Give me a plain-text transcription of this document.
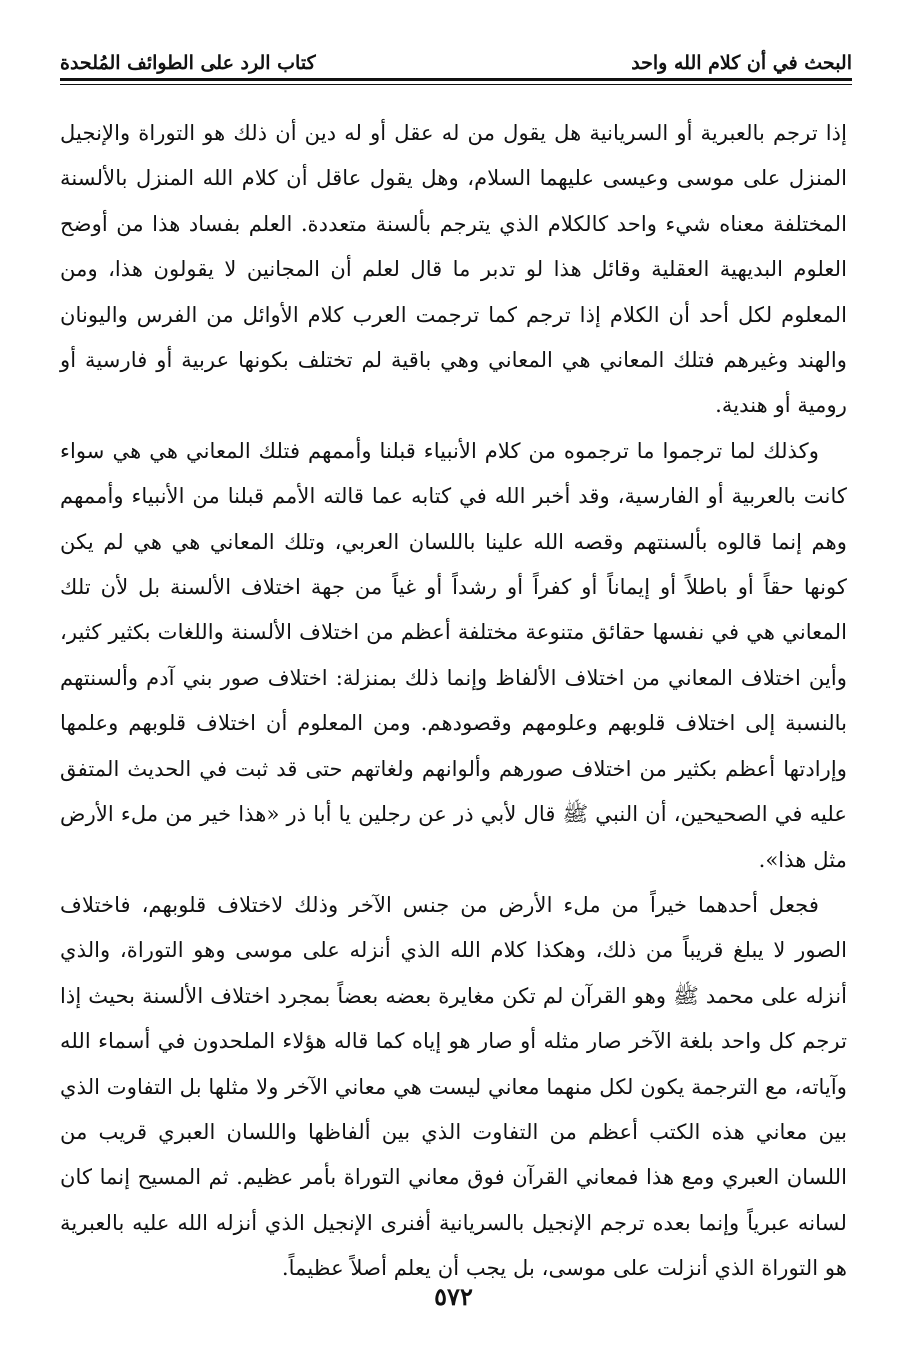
البحث في أن كلام الله واحد
كتاب الرد على الطوائف المُلحدة

إذا ترجم بالعبرية أو السريانية هل يقول من له عقل أو له دين أن ذلك هو التوراة والإنجيل المنزل على موسى وعيسى عليهما السلام، وهل يقول عاقل أن كلام الله المنزل بالألسنة المختلفة معناه شيء واحد كالكلام الذي يترجم بألسنة متعددة. العلم بفساد هذا من أوضح العلوم البديهية العقلية وقائل هذا لو تدبر ما قال لعلم أن المجانين لا يقولون هذا، ومن المعلوم لكل أحد أن الكلام إذا ترجم كما ترجمت العرب كلام الأوائل من الفرس واليونان والهند وغيرهم فتلك المعاني هي المعاني وهي باقية لم تختلف بكونها عربية أو فارسية أو رومية أو هندية.

وكذلك لما ترجموا ما ترجموه من كلام الأنبياء قبلنا وأممهم فتلك المعاني هي هي سواء كانت بالعربية أو الفارسية، وقد أخبر الله في كتابه عما قالته الأمم قبلنا من الأنبياء وأممهم وهم إنما قالوه بألسنتهم وقصه الله علينا باللسان العربي، وتلك المعاني هي هي لم يكن كونها حقاً أو باطلاً أو إيماناً أو كفراً أو رشداً أو غياً من جهة اختلاف الألسنة بل لأن تلك المعاني هي في نفسها حقائق متنوعة مختلفة أعظم من اختلاف الألسنة واللغات بكثير كثير، وأين اختلاف المعاني من اختلاف الألفاظ وإنما ذلك بمنزلة: اختلاف صور بني آدم وألسنتهم بالنسبة إلى اختلاف قلوبهم وعلومهم وقصودهم. ومن المعلوم أن اختلاف قلوبهم وعلمها وإرادتها أعظم بكثير من اختلاف صورهم وألوانهم ولغاتهم حتى قد ثبت في الحديث المتفق عليه في الصحيحين، أن النبي ﷺ قال لأبي ذر عن رجلين يا أبا ذر «هذا خير من ملء الأرض مثل هذا».

فجعل أحدهما خيراً من ملء الأرض من جنس الآخر وذلك لاختلاف قلوبهم، فاختلاف الصور لا يبلغ قريباً من ذلك، وهكذا كلام الله الذي أنزله على موسى وهو التوراة، والذي أنزله على محمد ﷺ وهو القرآن لم تكن مغايرة بعضه بعضاً بمجرد اختلاف الألسنة بحيث إذا ترجم كل واحد بلغة الآخر صار مثله أو صار هو إياه كما قاله هؤلاء الملحدون في أسماء الله وآياته، مع الترجمة يكون لكل منهما معاني ليست هي معاني الآخر ولا مثلها بل التفاوت الذي بين معاني هذه الكتب أعظم من التفاوت الذي بين ألفاظها واللسان العبري قريب من اللسان العبري ومع هذا فمعاني القرآن فوق معاني التوراة بأمر عظيم. ثم المسيح إنما كان لسانه عبرياً وإنما بعده ترجم الإنجيل بالسريانية أفنرى الإنجيل الذي أنزله الله عليه بالعبرية هو التوراة الذي أنزلت على موسى، بل يجب أن يعلم أصلاً عظيماً.

٥٧٢
